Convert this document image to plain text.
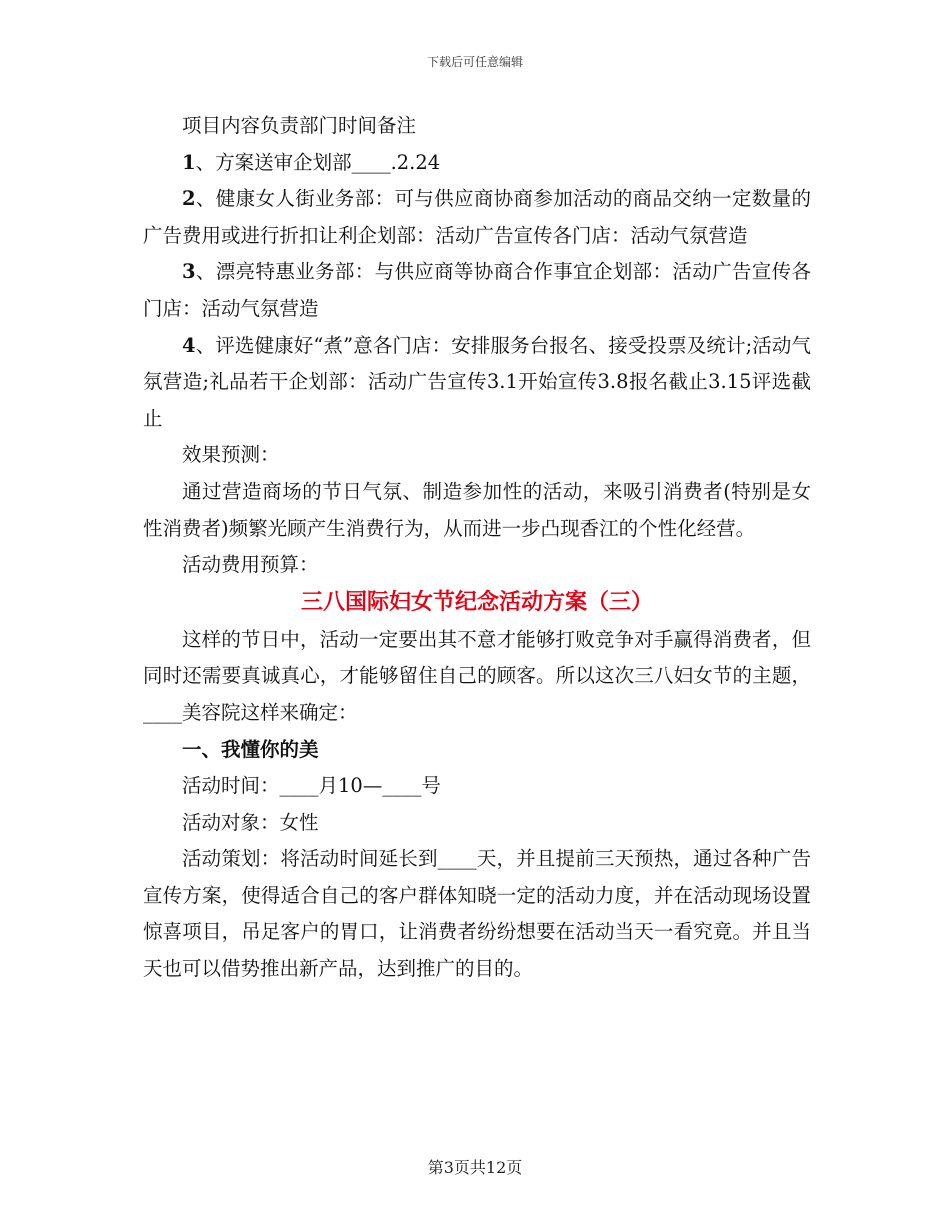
下载后可任意编辑

项目内容负责部门时间备注

1、方案送审企划部____.2.24

2、健康女人街业务部：可与供应商协商参加活动的商品交纳一定数量的广告费用或进行折扣让利企划部：活动广告宣传各门店：活动气氛营造

3、漂亮特惠业务部：与供应商等协商合作事宜企划部：活动广告宣传各门店：活动气氛营造

4、评选健康好“煮”意各门店：安排服务台报名、接受投票及统计;活动气氛营造;礼品若干企划部：活动广告宣传3.1开始宣传3.8报名截止3.15评选截止

效果预测：

通过营造商场的节日气氛、制造参加性的活动，来吸引消费者(特别是女性消费者)频繁光顾产生消费行为，从而进一步凸现香江的个性化经营。

活动费用预算：

三八国际妇女节纪念活动方案（三）

这样的节日中，活动一定要出其不意才能够打败竞争对手赢得消费者，但同时还需要真诚真心，才能够留住自己的顾客。所以这次三八妇女节的主题，____美容院这样来确定：

一、我懂你的美

活动时间：____月10—____号

活动对象：女性

活动策划：将活动时间延长到____天，并且提前三天预热，通过各种广告宣传方案，使得适合自己的客户群体知晓一定的活动力度，并在活动现场设置惊喜项目，吊足客户的胃口，让消费者纷纷想要在活动当天一看究竟。并且当天也可以借势推出新产品，达到推广的目的。

第3页共12页
